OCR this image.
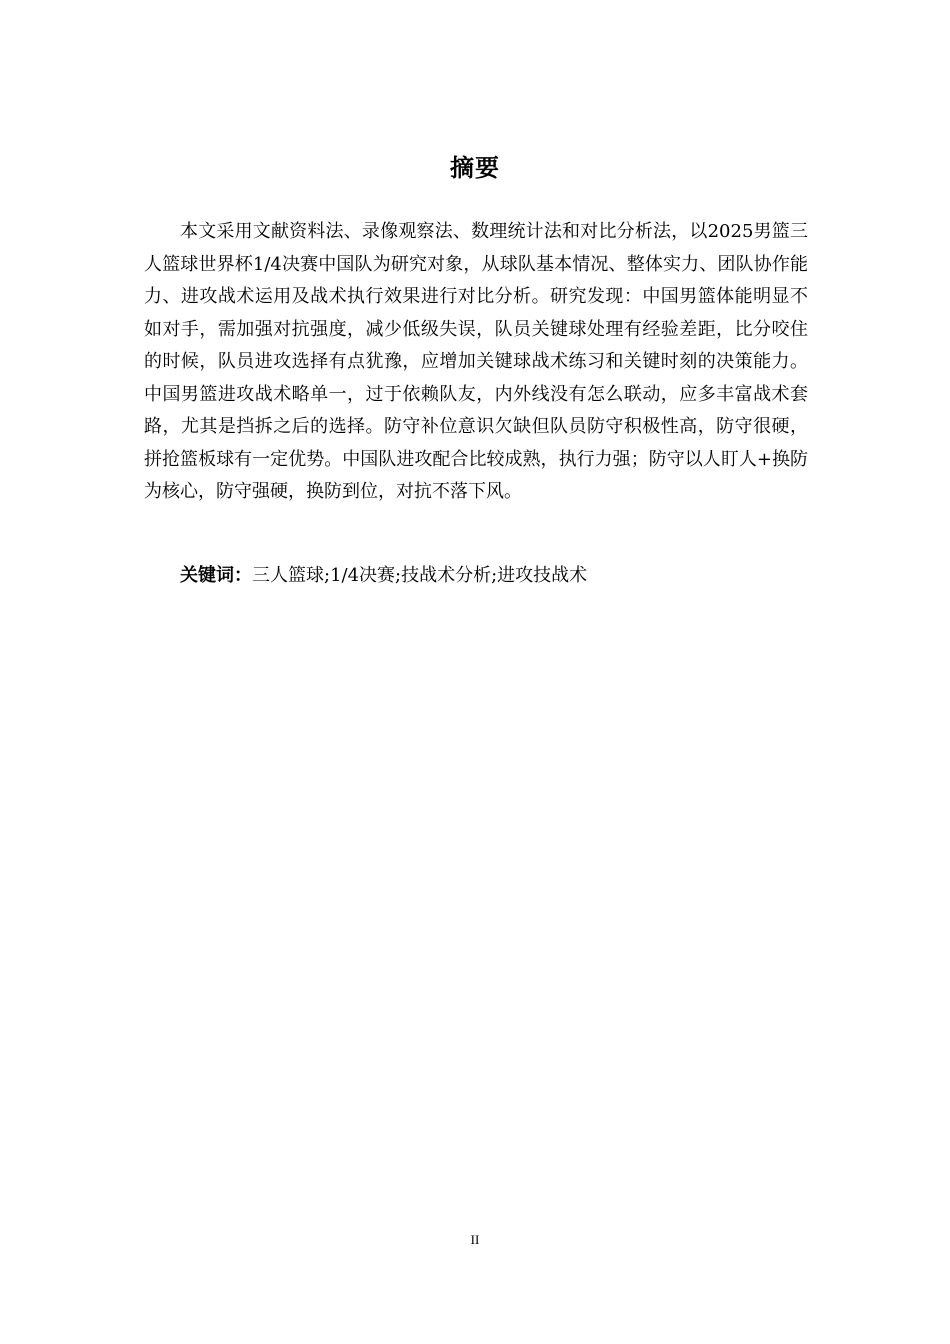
摘要

本文采用文献资料法、录像观察法、数理统计法和对比分析法，以2025男篮三人篮球世界杯1/4决赛中国队为研究对象，从球队基本情况、整体实力、团队协作能力、进攻战术运用及战术执行效果进行对比分析。研究发现：中国男篮体能明显不如对手，需加强对抗强度，减少低级失误，队员关键球处理有经验差距，比分咬住的时候，队员进攻选择有点犹豫，应增加关键球战术练习和关键时刻的决策能力。中国男篮进攻战术略单一，过于依赖队友，内外线没有怎么联动，应多丰富战术套路，尤其是挡拆之后的选择。防守补位意识欠缺但队员防守积极性高，防守很硬，拼抢篮板球有一定优势。中国队进攻配合比较成熟，执行力强；防守以人盯人+换防为核心，防守强硬，换防到位，对抗不落下风。

关键词：三人篮球;1/4决赛;技战术分析;进攻技战术
II
